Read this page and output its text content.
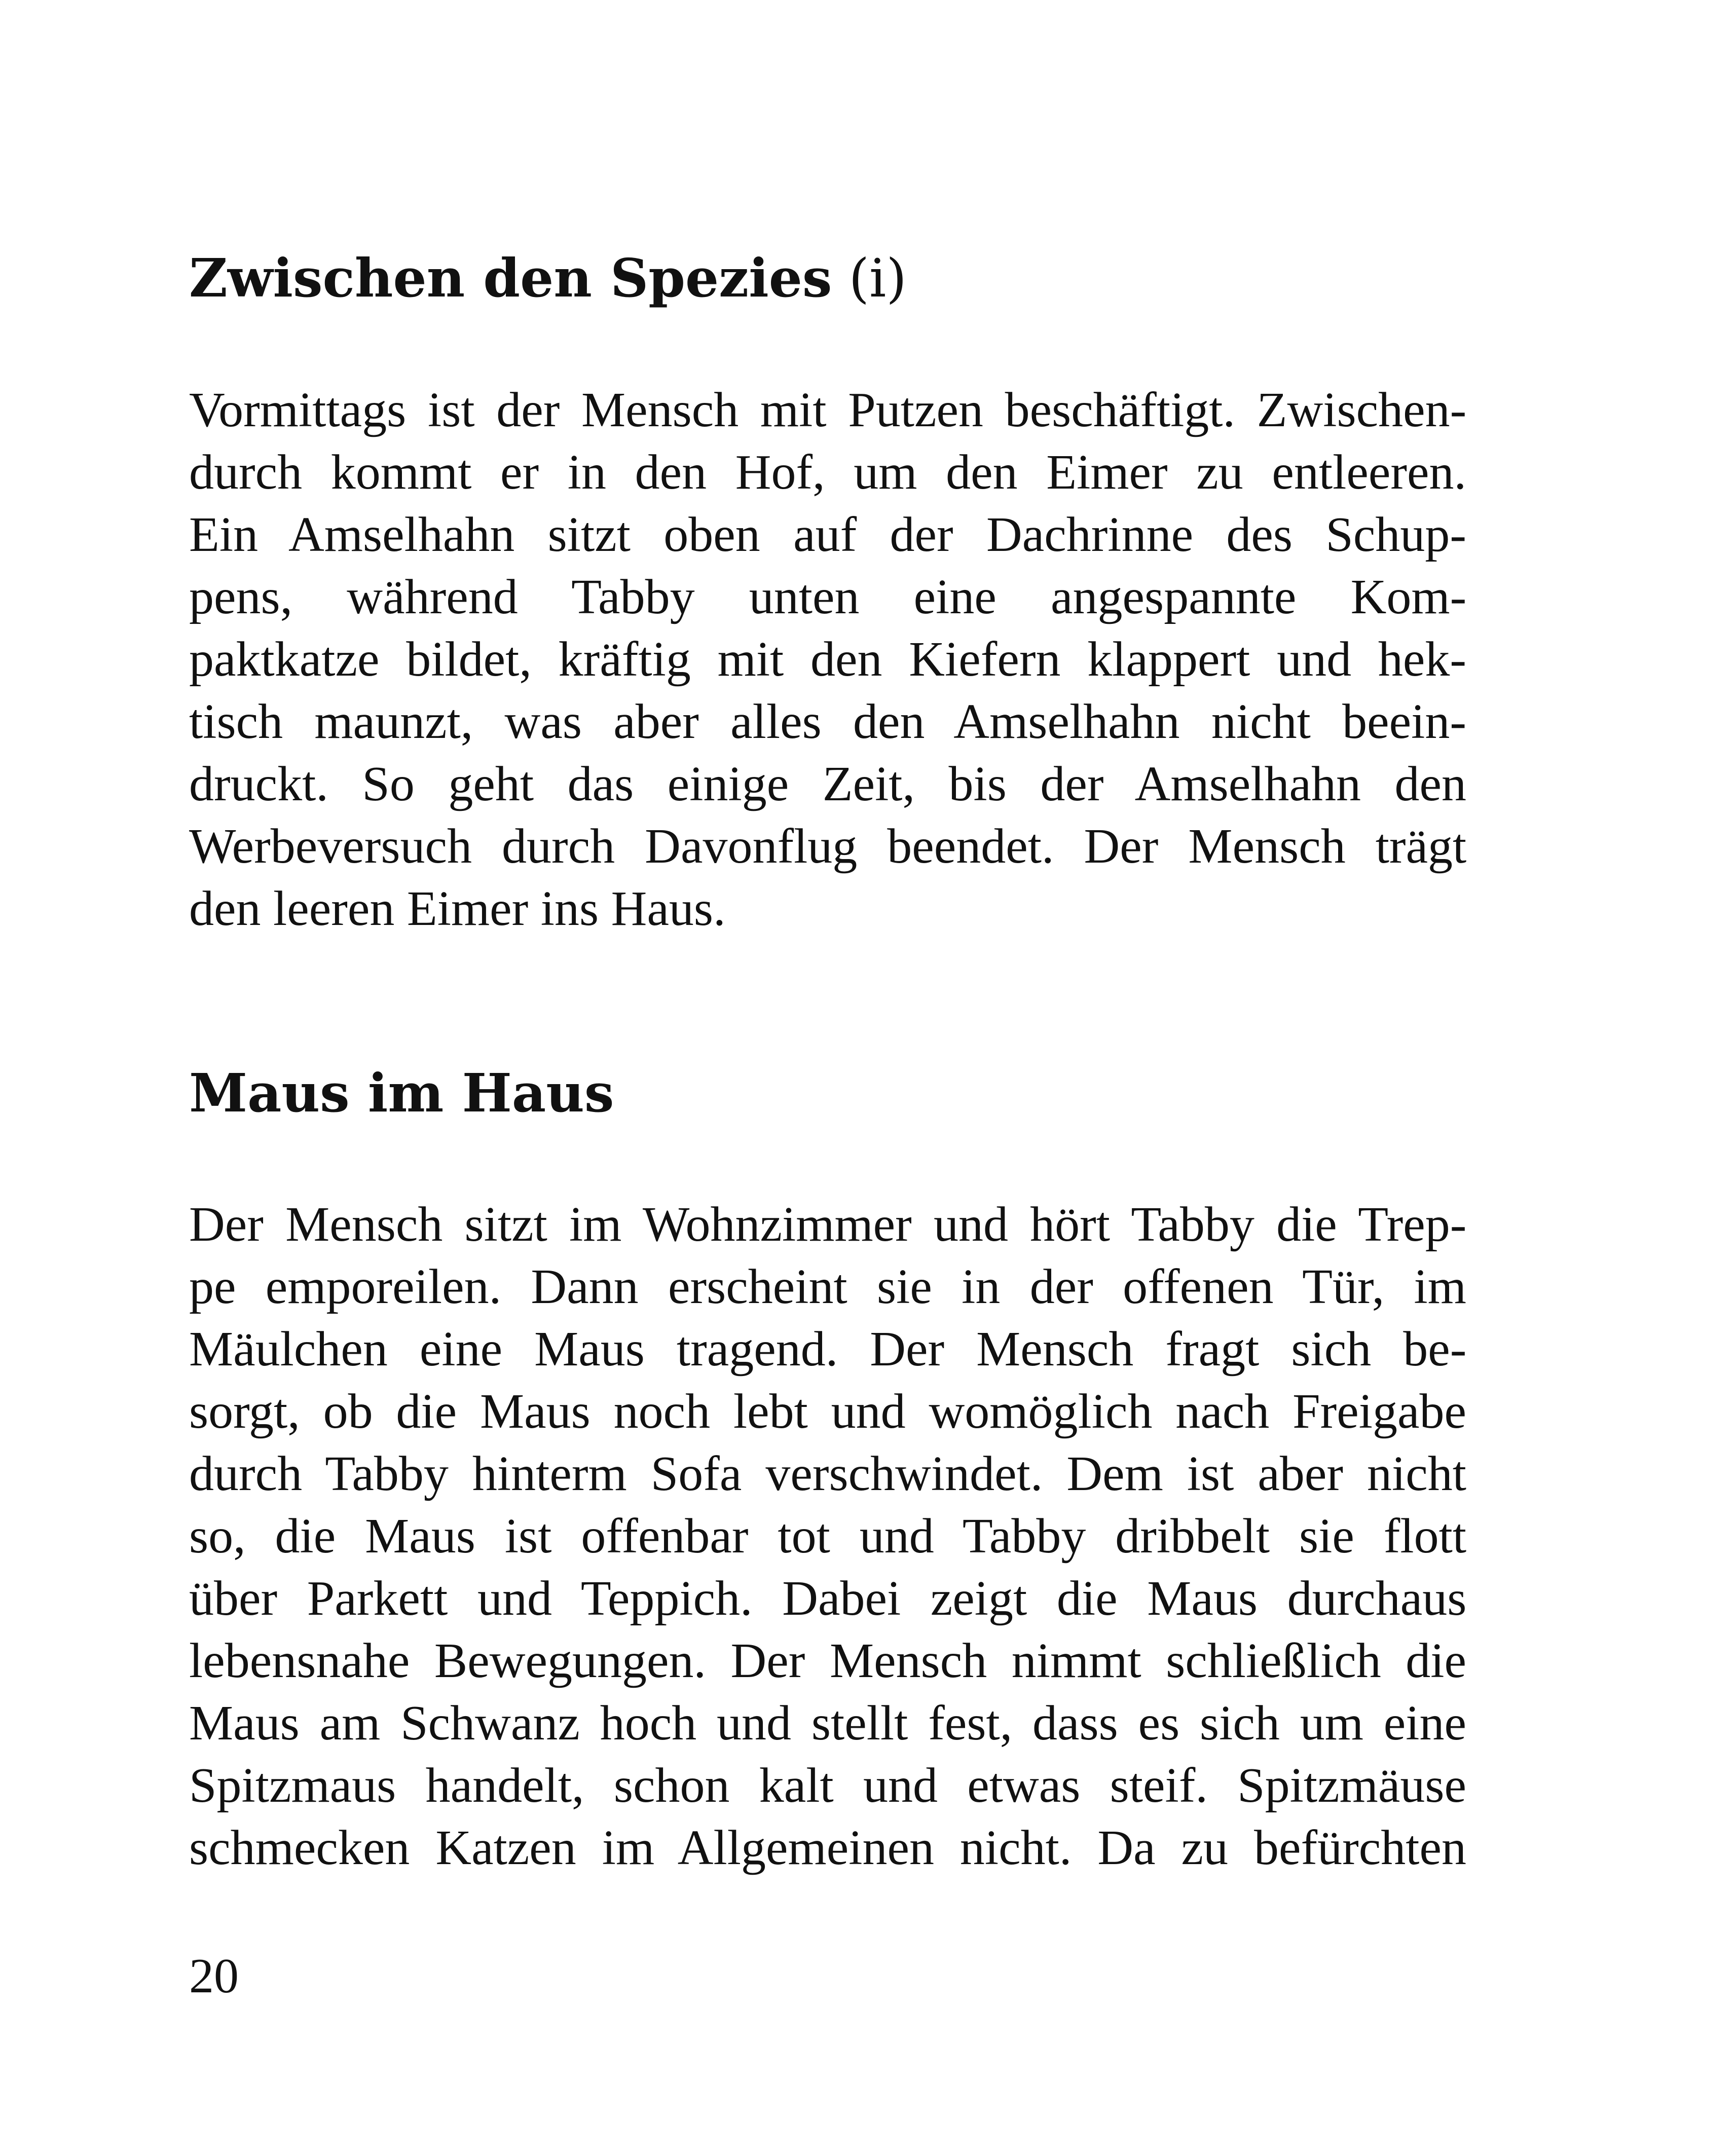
Zwischen den Spezies (i)
Vormittags ist der Mensch mit Putzen beschäftigt. Zwischen-
durch kommt er in den Hof, um den Eimer zu entleeren.
Ein Amselhahn sitzt oben auf der Dachrinne des Schup-
pens, während Tabby unten eine angespannte Kom-
paktkatze bildet, kräftig mit den Kiefern klappert und hek-
tisch maunzt, was aber alles den Amselhahn nicht beein-
druckt. So geht das einige Zeit, bis der Amselhahn den
Werbeversuch durch Davonflug beendet. Der Mensch trägt
den leeren Eimer ins Haus.
Maus im Haus
Der Mensch sitzt im Wohnzimmer und hört Tabby die Trep-
pe emporeilen. Dann erscheint sie in der offenen Tür, im
Mäulchen eine Maus tragend. Der Mensch fragt sich be-
sorgt, ob die Maus noch lebt und womöglich nach Freigabe
durch Tabby hinterm Sofa verschwindet. Dem ist aber nicht
so, die Maus ist offenbar tot und Tabby dribbelt sie flott
über Parkett und Teppich. Dabei zeigt die Maus durchaus
lebensnahe Bewegungen. Der Mensch nimmt schließlich die
Maus am Schwanz hoch und stellt fest, dass es sich um eine
Spitzmaus handelt, schon kalt und etwas steif. Spitzmäuse
schmecken Katzen im Allgemeinen nicht. Da zu befürchten
20
